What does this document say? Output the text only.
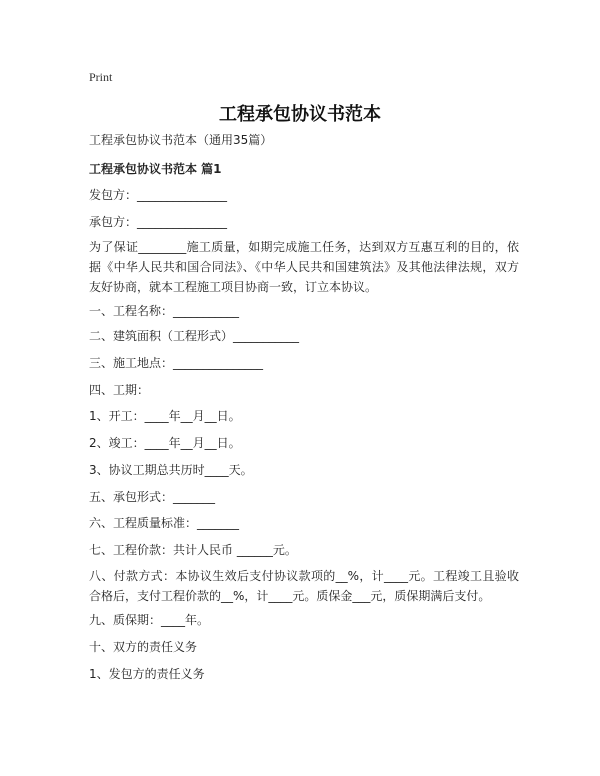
Print
工程承包协议书范本
工程承包协议书范本（通用35篇）
工程承包协议书范本 篇1
发包方：_______________
承包方：_______________
为了保证________施工质量，如期完成施工任务，达到双方互惠互利的目的，依据《中华人民共和国合同法》、《中华人民共和国建筑法》及其他法律法规，双方友好协商，就本工程施工项目协商一致，订立本协议。
一、工程名称：___________
二、建筑面积（工程形式）___________
三、施工地点：_______________
四、工期：
1、开工：____年__月__日。
2、竣工：____年__月__日。
3、协议工期总共历时____天。
五、承包形式：_______
六、工程质量标准：_______
七、工程价款：共计人民币 ______元。
八、付款方式：本协议生效后支付协议款项的__%，计____元。工程竣工且验收合格后，支付工程价款的__%，计____元。质保金___元，质保期满后支付。
九、质保期：____年。
十、双方的责任义务
1、发包方的责任义务
